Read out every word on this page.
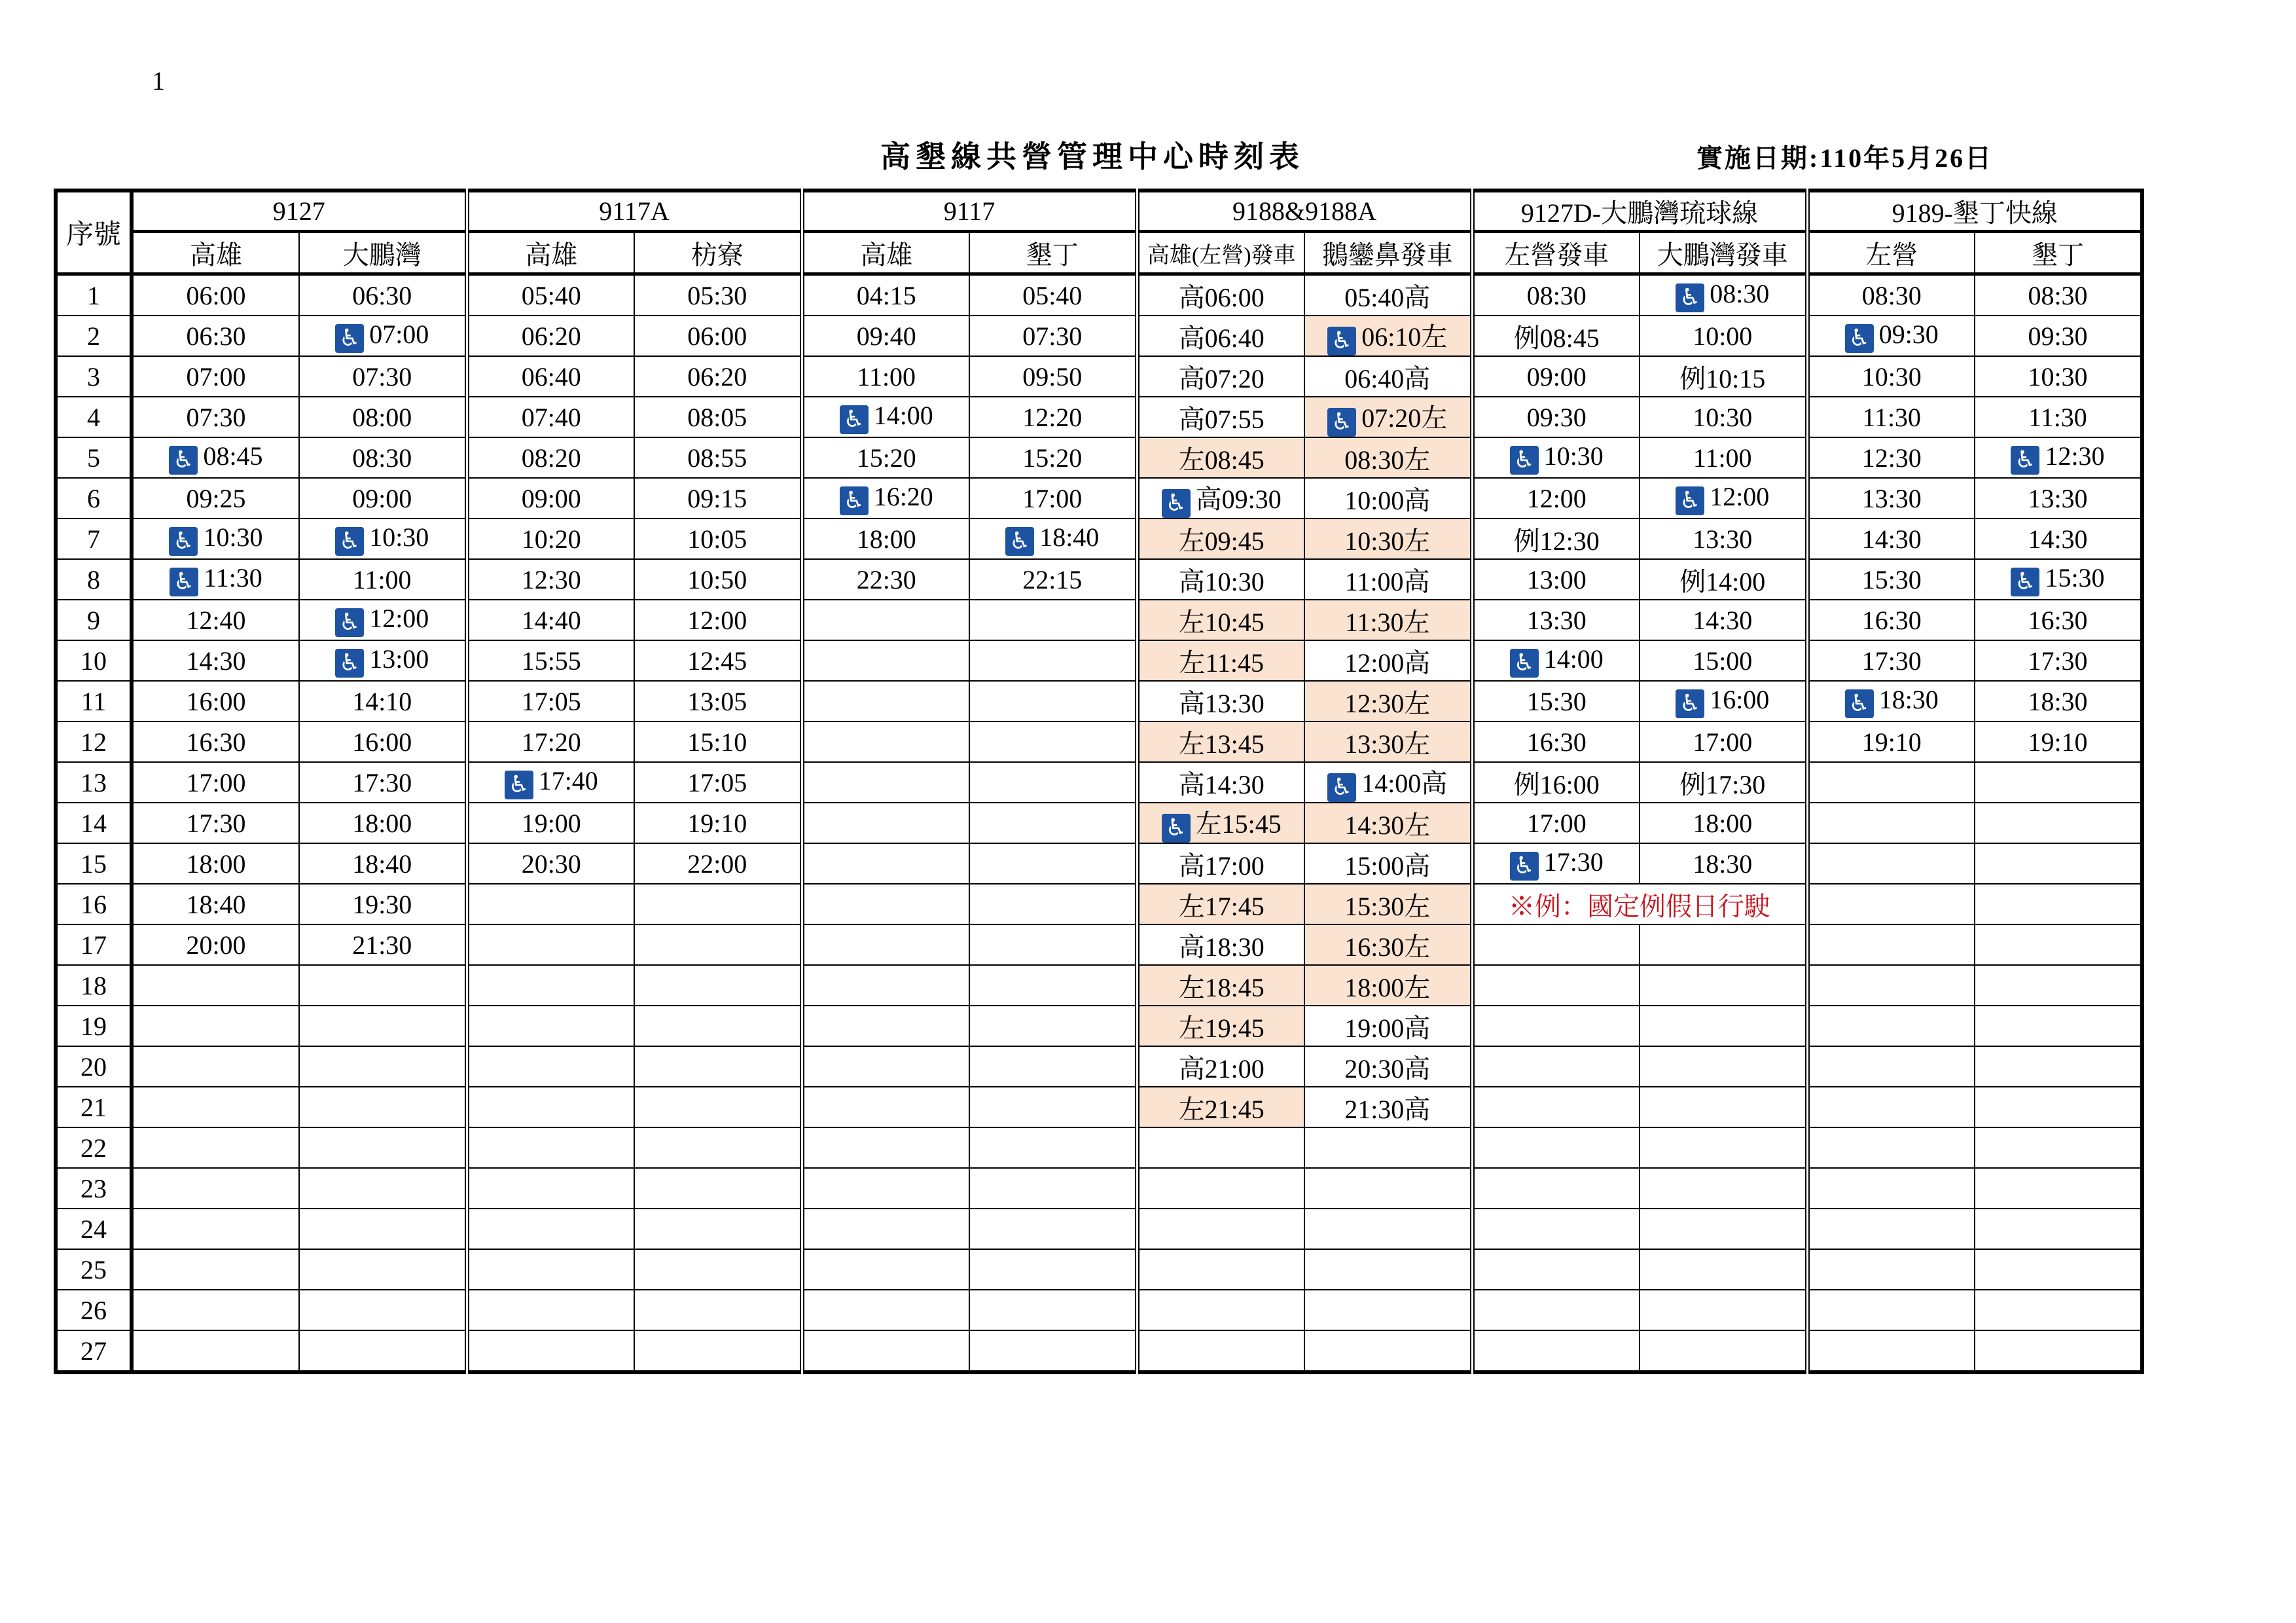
1
高墾線共營管理中心時刻表	實施日期:110年5月26日
序號	9127		9117A		9117		9188&9188A		9127D-大鵬灣琉球線		9189-墾丁快線	
	高雄	大鵬灣	高雄	枋寮	高雄	墾丁	高雄(左營)發車	鵝鑾鼻發車	左營發車	大鵬灣發車	左營	墾丁
1	06:00	06:30	05:40	05:30	04:15	05:40	高06:00	05:40高	08:30	♿ 08:30	08:30	08:30
2	06:30	♿ 07:00	06:20	06:00	09:40	07:30	高06:40	♿ 06:10左	例08:45	10:00	♿ 09:30	09:30
3	07:00	07:30	06:40	06:20	11:00	09:50	高07:20	06:40高	09:00	例10:15	10:30	10:30
4	07:30	08:00	07:40	08:05	♿ 14:00	12:20	高07:55	♿ 07:20左	09:30	10:30	11:30	11:30
5	♿ 08:45	08:30	08:20	08:55	15:20	15:20	左08:45	08:30左	♿ 10:30	11:00	12:30	♿ 12:30
6	09:25	09:00	09:00	09:15	♿ 16:20	17:00	♿ 高09:30	10:00高	12:00	♿ 12:00	13:30	13:30
7	♿ 10:30	♿ 10:30	10:20	10:05	18:00	♿ 18:40	左09:45	10:30左	例12:30	13:30	14:30	14:30
8	♿ 11:30	11:00	12:30	10:50	22:30	22:15	高10:30	11:00高	13:00	例14:00	15:30	♿ 15:30
9	12:40	♿ 12:00	14:40	12:00			左10:45	11:30左	13:30	14:30	16:30	16:30
10	14:30	♿ 13:00	15:55	12:45			左11:45	12:00高	♿ 14:00	15:00	17:30	17:30
11	16:00	14:10	17:05	13:05			高13:30	12:30左	15:30	♿ 16:00	♿ 18:30	18:30
12	16:30	16:00	17:20	15:10			左13:45	13:30左	16:30	17:00	19:10	19:10
13	17:00	17:30	♿ 17:40	17:05			高14:30	♿ 14:00高	例16:00	例17:30		
14	17:30	18:00	19:00	19:10			♿ 左15:45	14:30左	17:00	18:00		
15	18:00	18:40	20:30	22:00			高17:00	15:00高	♿ 17:30	18:30		
16	18:40	19:30					左17:45	15:30左	※例：國定例假日行駛			
17	20:00	21:30					高18:30	16:30左				
18							左18:45	18:00左				
19							左19:45	19:00高				
20							高21:00	20:30高				
21							左21:45	21:30高				
22												
23												
24												
25												
26												
27												
